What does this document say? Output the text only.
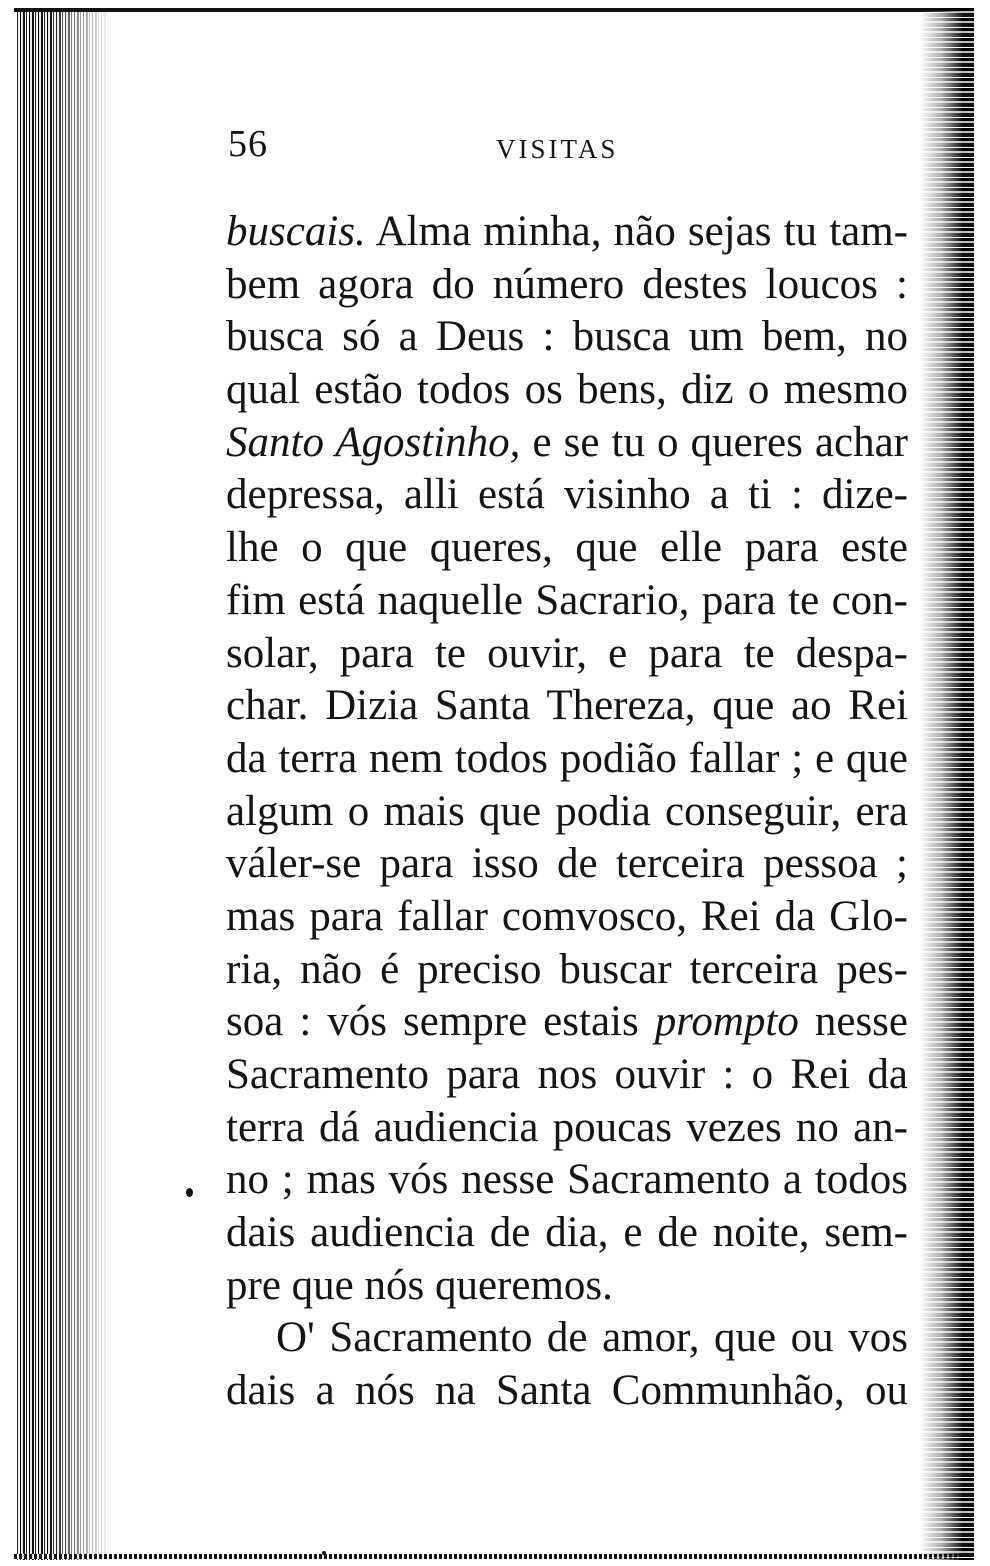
56	VISITAS
buscais. Alma minha, não sejas tu tam-
bem agora do número destes loucos :
busca só a Deus : busca um bem, no
qual estão todos os bens, diz o mesmo
Santo Agostinho, e se tu o queres achar
depressa, alli está visinho a ti : dize-
lhe o que queres, que elle para este
fim está naquelle Sacrario, para te con-
solar, para te ouvir, e para te despa-
char. Dizia Santa Thereza, que ao Rei
da terra nem todos podião fallar ; e que
algum o mais que podia conseguir, era
váler-se para isso de terceira pessoa ;
mas para fallar comvosco, Rei da Glo-
ria, não é preciso buscar terceira pes-
soa : vós sempre estais prompto nesse
Sacramento para nos ouvir : o Rei da
terra dá audiencia poucas vezes no an-
no ; mas vós nesse Sacramento a todos
dais audiencia de dia, e de noite, sem-
pre que nós queremos.
O' Sacramento de amor, que ou vos
dais a nós na Santa Communhão, ou
